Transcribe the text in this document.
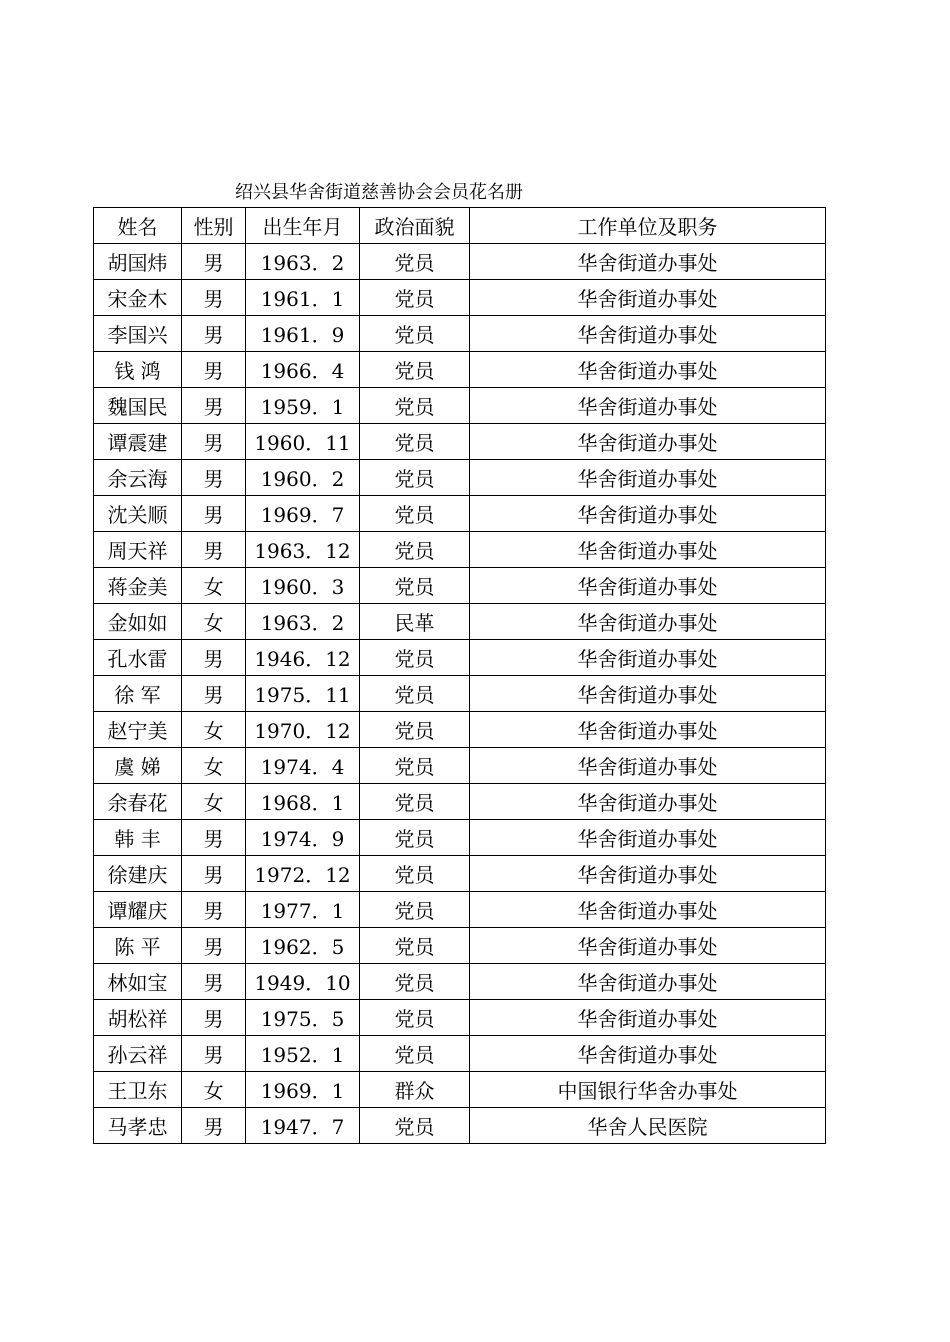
绍兴县华舍街道慈善协会会员花名册
姓名	性别	出生年月	政治面貌	工作单位及职务
胡国炜	男	1963．2	党员	华舍街道办事处
宋金木	男	1961．1	党员	华舍街道办事处
李国兴	男	1961．9	党员	华舍街道办事处
钱 鸿	男	1966．4	党员	华舍街道办事处
魏国民	男	1959．1	党员	华舍街道办事处
谭震建	男	1960．11	党员	华舍街道办事处
余云海	男	1960．2	党员	华舍街道办事处
沈关顺	男	1969．7	党员	华舍街道办事处
周天祥	男	1963．12	党员	华舍街道办事处
蒋金美	女	1960．3	党员	华舍街道办事处
金如如	女	1963．2	民革	华舍街道办事处
孔水雷	男	1946．12	党员	华舍街道办事处
徐 军	男	1975．11	党员	华舍街道办事处
赵宁美	女	1970．12	党员	华舍街道办事处
虞 娣	女	1974．4	党员	华舍街道办事处
余春花	女	1968．1	党员	华舍街道办事处
韩 丰	男	1974．9	党员	华舍街道办事处
徐建庆	男	1972．12	党员	华舍街道办事处
谭耀庆	男	1977．1	党员	华舍街道办事处
陈 平	男	1962．5	党员	华舍街道办事处
林如宝	男	1949．10	党员	华舍街道办事处
胡松祥	男	1975．5	党员	华舍街道办事处
孙云祥	男	1952．1	党员	华舍街道办事处
王卫东	女	1969．1	群众	中国银行华舍办事处
马孝忠	男	1947．7	党员	华舍人民医院
